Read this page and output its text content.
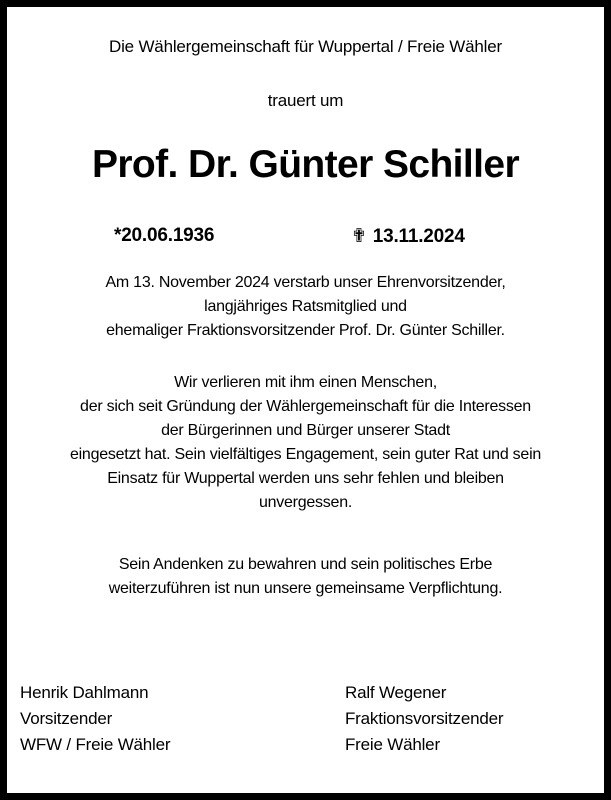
Die Wählergemeinschaft für Wuppertal / Freie Wähler
trauert um
Prof. Dr. Günter Schiller
*20.06.1936	✟ 13.11.2024
Am 13. November 2024 verstarb unser Ehrenvorsitzender,
langjähriges Ratsmitglied und
ehemaliger Fraktionsvorsitzender Prof. Dr. Günter Schiller.
Wir verlieren mit ihm einen Menschen,
der sich seit Gründung der Wählergemeinschaft für die Interessen
der Bürgerinnen und Bürger unserer Stadt
eingesetzt hat. Sein vielfältiges Engagement, sein guter Rat und sein
Einsatz für Wuppertal werden uns sehr fehlen und bleiben
unvergessen.
Sein Andenken zu bewahren und sein politisches Erbe
weiterzuführen ist nun unsere gemeinsame Verpflichtung.
Henrik Dahlmann
Vorsitzender
WFW / Freie Wähler
Ralf Wegener
Fraktionsvorsitzender
Freie Wähler
